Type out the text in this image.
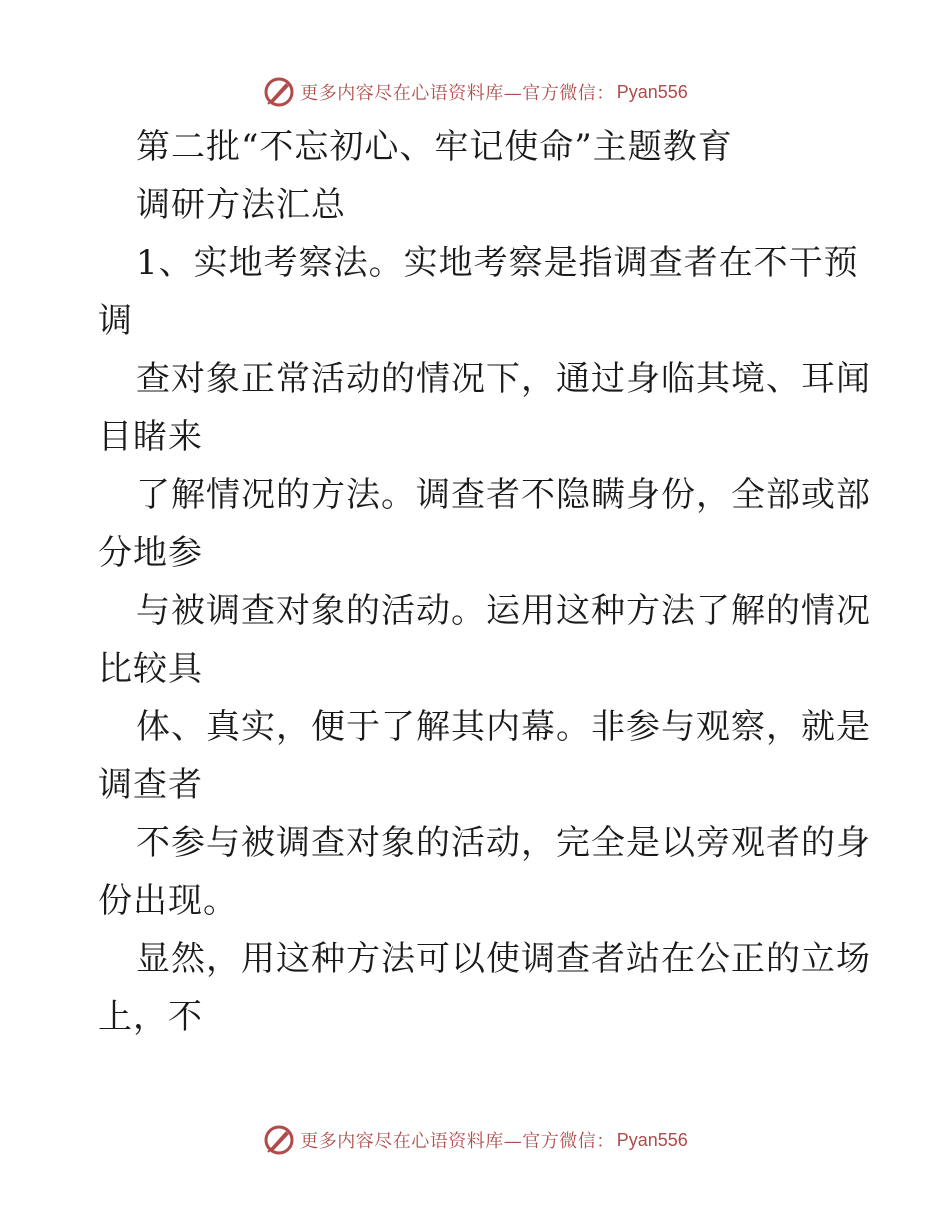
更多内容尽在心语资料库—官方微信： Pyan556
第二批“不忘初心、牢记使命”主题教育
调研方法汇总
1、实地考察法。实地考察是指调查者在不干预
调
查对象正常活动的情况下，通过身临其境、耳闻
目睹来
了解情况的方法。调查者不隐瞒身份，全部或部
分地参
与被调查对象的活动。运用这种方法了解的情况
比较具
体、真实，便于了解其内幕。非参与观察，就是
调查者
不参与被调查对象的活动，完全是以旁观者的身
份出现。
显然，用这种方法可以使调查者站在公正的立场
上，不
更多内容尽在心语资料库—官方微信： Pyan556
